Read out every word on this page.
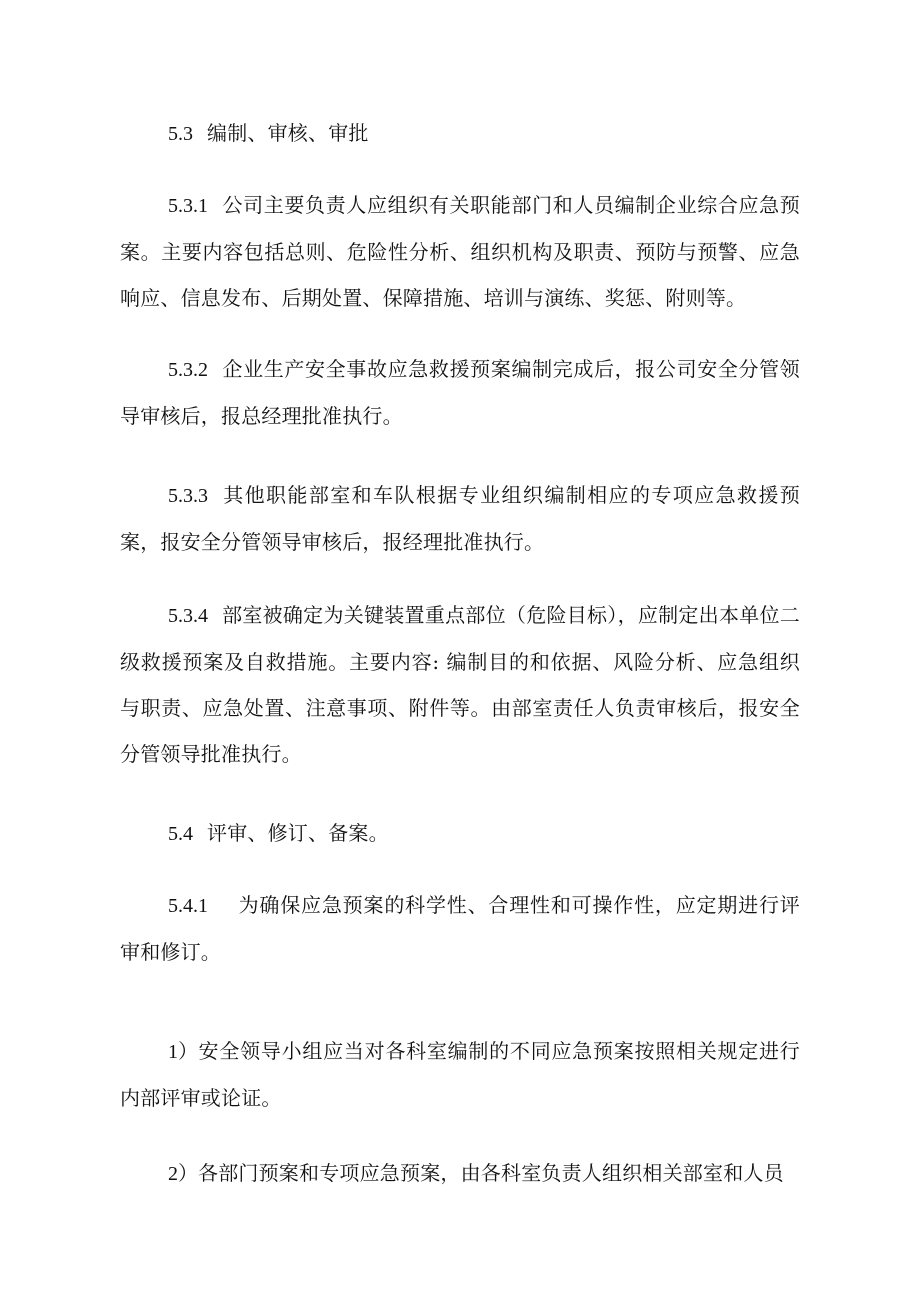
5.3 编制、审核、审批
5.3.1 公司主要负责人应组织有关职能部门和人员编制企业综合应急预案。主要内容包括总则、危险性分析、组织机构及职责、预防与预警、应急响应、信息发布、后期处置、保障措施、培训与演练、奖惩、附则等。
5.3.2 企业生产安全事故应急救援预案编制完成后，报公司安全分管领导审核后，报总经理批准执行。
5.3.3 其他职能部室和车队根据专业组织编制相应的专项应急救援预案，报安全分管领导审核后，报经理批准执行。
5.3.4 部室被确定为关键装置重点部位（危险目标），应制定出本单位二级救援预案及自救措施。主要内容: 编制目的和依据、风险分析、应急组织与职责、应急处置、注意事项、附件等。由部室责任人负责审核后，报安全分管领导批准执行。
5.4 评审、修订、备案。
5.4.1 为确保应急预案的科学性、合理性和可操作性，应定期进行评审和修订。
1）安全领导小组应当对各科室编制的不同应急预案按照相关规定进行内部评审或论证。
2）各部门预案和专项应急预案，由各科室负责人组织相关部室和人员
